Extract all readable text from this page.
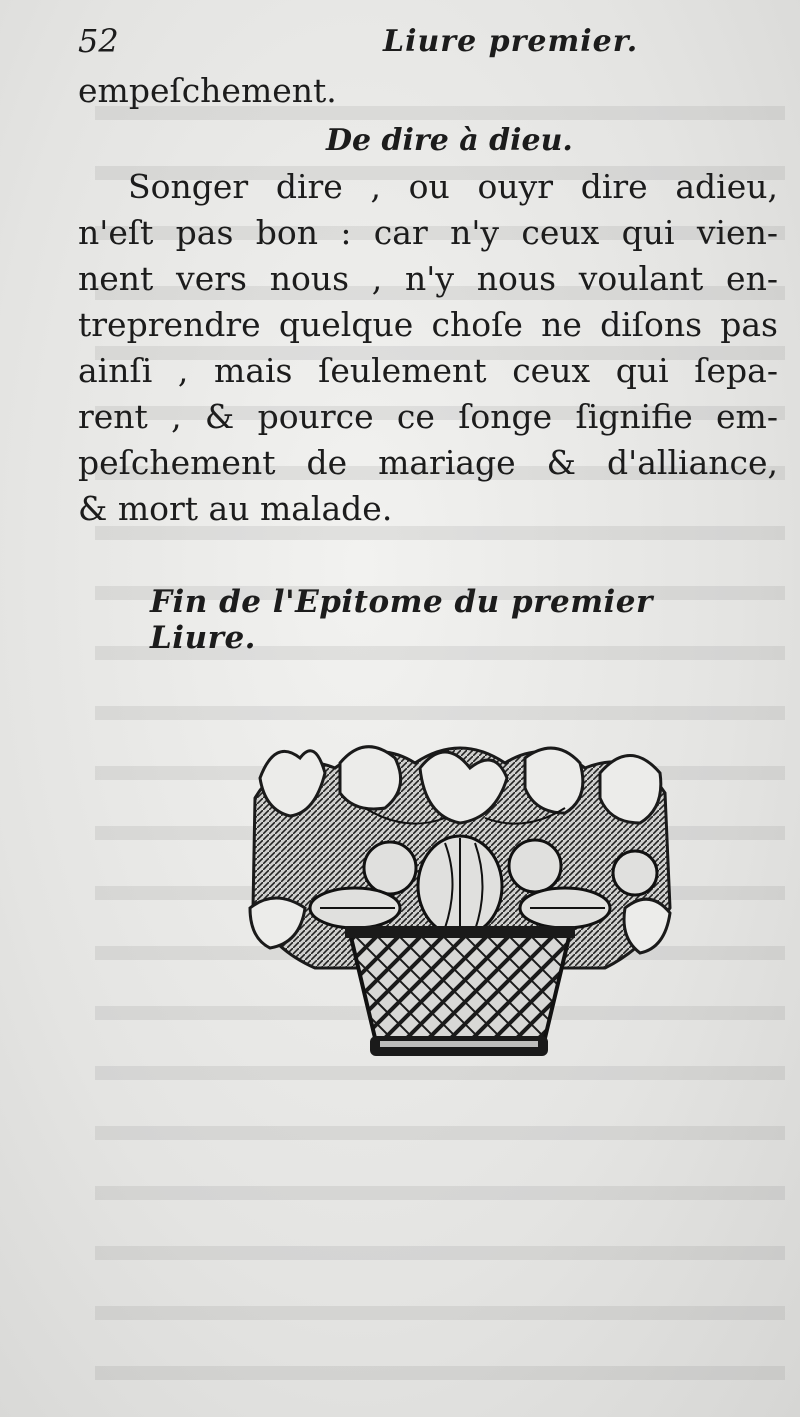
52	Liure premier.
empeſchement.
De dire à dieu.
Songer dire , ou ouyr dire adieu,
n'eſt pas bon : car n'y ceux qui vien-
nent vers nous , n'y nous voulant en-
treprendre quelque choſe ne diſons pas
ainſi , mais ſeulement ceux qui ſepa-
rent , & pource ce ſonge ſignifie em-
peſchement de mariage & d'alliance,
& mort au malade.
Fin de l'Epitome du premier Liure.
